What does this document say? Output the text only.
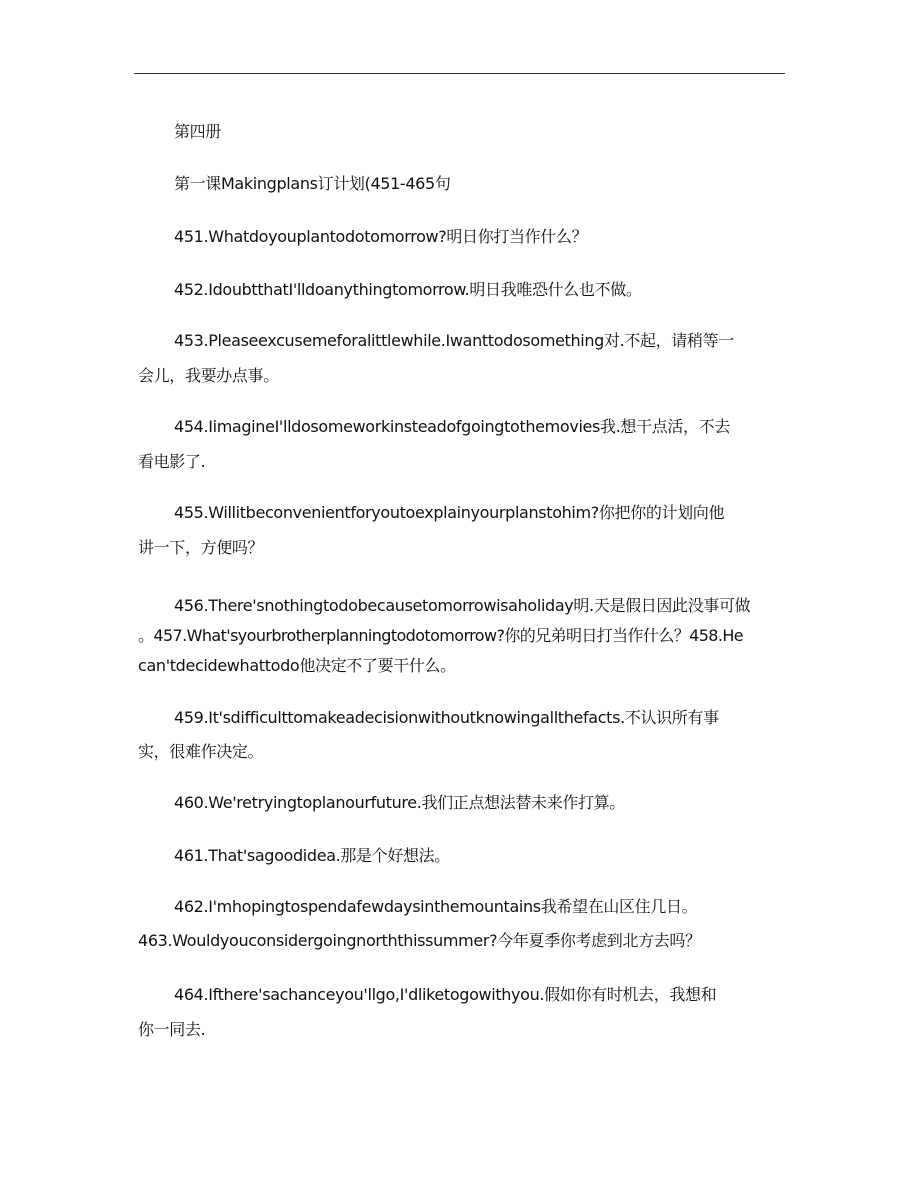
第四册
第一课Makingplans订计划(451-465句
451.Whatdoyouplantodotomorrow?明日你打当作什么？
452.IdoubtthatI'lldoanythingtomorrow.明日我唯恐什么也不做。
453.Pleaseexcusemeforalittlewhile.Iwanttodosomething对.不起，请稍等一
会儿，我要办点事。
454.IimagineI'lldosomeworkinsteadofgoingtothemovies我.想干点活，不去
看电影了.
455.Willitbeconvenientforyoutoexplainyourplanstohim?你把你的计划向他
讲一下，方便吗？
456.There'snothingtodobecausetomorrowisaholiday明.天是假日因此没事可做
。457.What'syourbrotherplanningtodotomorrow?你的兄弟明日打当作什么？458.He
can'tdecidewhattodo他决定不了要干什么。
459.It'sdifficulttomakeadecisionwithoutknowingallthefacts.不认识所有事
实，很难作决定。
460.We'retryingtoplanourfuture.我们正点想法替未来作打算。
461.That'sagoodidea.那是个好想法。
462.I'mhopingtospendafewdaysinthemountains我希望在山区住几日。
463.Wouldyouconsidergoingnorththissummer?今年夏季你考虑到北方去吗？
464.Ifthere'sachanceyou'llgo,I'dliketogowithyou.假如你有时机去，我想和
你一同去.
